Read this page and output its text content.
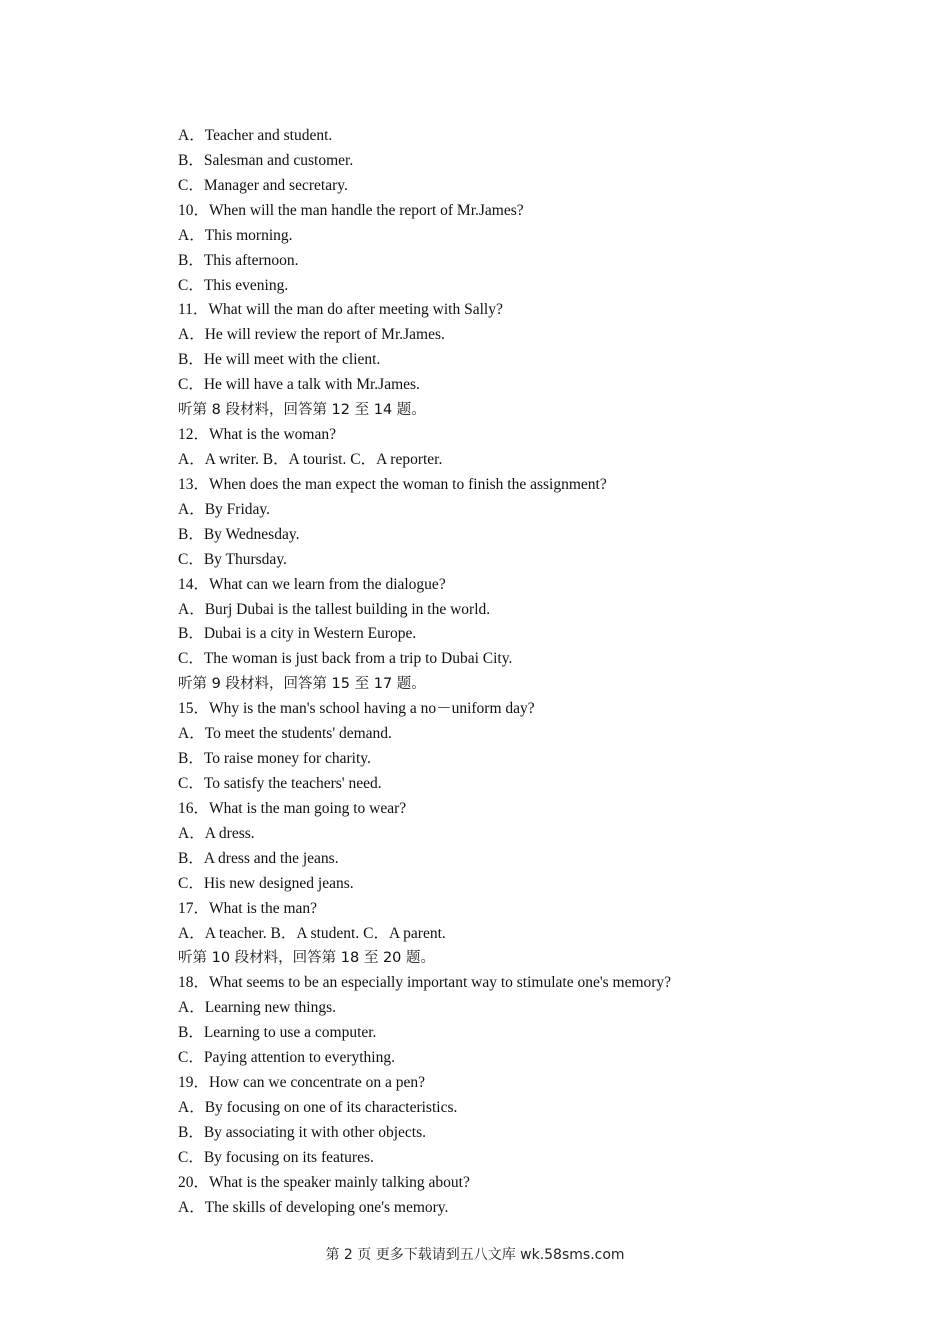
A．Teacher and student.
B．Salesman and customer.
C．Manager and secretary.
10．When will the man handle the report of Mr.James?
A．This morning.
B．This afternoon.
C．This evening.
11．What will the man do after meeting with Sally?
A．He will review the report of Mr.James.
B．He will meet with the client.
C．He will have a talk with Mr.James.
听第 8 段材料，回答第 12 至 14 题。
12．What is the woman?
A．A writer. B．A tourist. C．A reporter.
13．When does the man expect the woman to finish the assignment?
A．By Friday.
B．By Wednesday.
C．By Thursday.
14．What can we learn from the dialogue?
A．Burj Dubai is the tallest building in the world.
B．Dubai is a city in Western Europe.
C．The woman is just back from a trip to Dubai City.
听第 9 段材料，回答第 15 至 17 题。
15．Why is the man's school having a no－uniform day?
A．To meet the students' demand.
B．To raise money for charity.
C．To satisfy the teachers' need.
16．What is the man going to wear?
A．A dress.
B．A dress and the jeans.
C．His new designed jeans.
17．What is the man?
A．A teacher. B．A student. C．A parent.
听第 10 段材料，回答第 18 至 20 题。
18．What seems to be an especially important way to stimulate one's memory?
A．Learning new things.
B．Learning to use a computer.
C．Paying attention to everything.
19．How can we concentrate on a pen?
A．By focusing on one of its characteristics.
B．By associating it with other objects.
C．By focusing on its features.
20．What is the speaker mainly talking about?
A．The skills of developing one's memory.
第 2 页 更多下载请到五八文库 wk.58sms.com
